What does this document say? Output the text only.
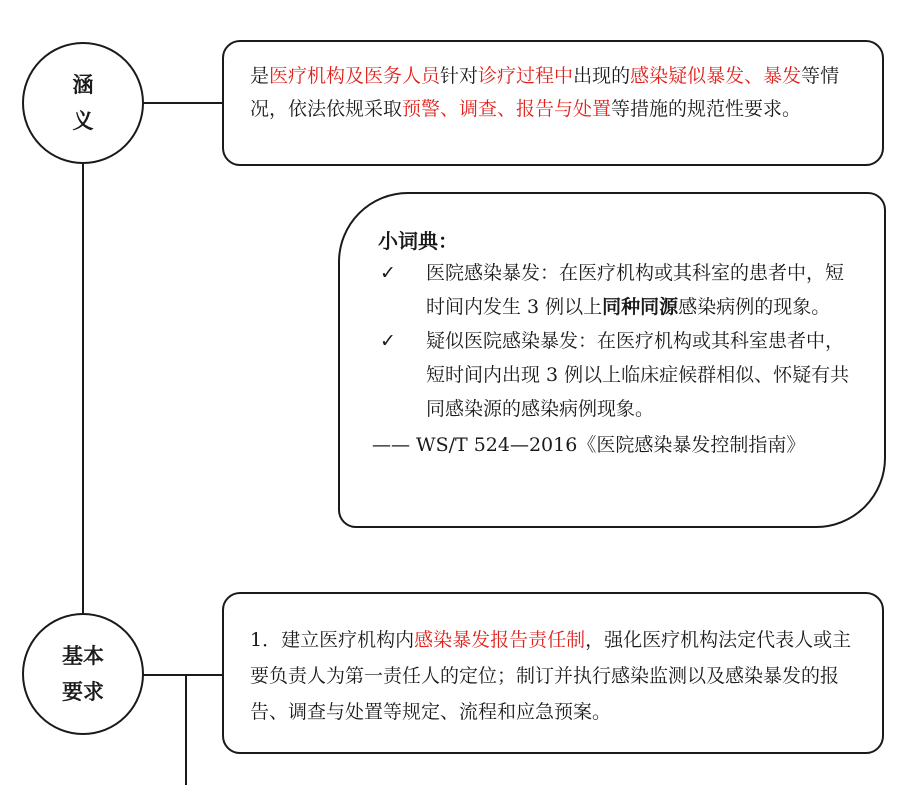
涵
义
是医疗机构及医务人员针对诊疗过程中出现的感染疑似暴发、暴发等情况，依法依规采取预警、调查、报告与处置等措施的规范性要求。
小词典：
✓ 医院感染暴发：在医疗机构或其科室的患者中，短时间内发生 3 例以上同种同源感染病例的现象。
✓ 疑似医院感染暴发：在医疗机构或其科室患者中，短时间内出现 3 例以上临床症候群相似、怀疑有共同感染源的感染病例现象。
—— WS/T 524—2016《医院感染暴发控制指南》
基本
要求
1．建立医疗机构内感染暴发报告责任制，强化医疗机构法定代表人或主要负责人为第一责任人的定位；制订并执行感染监测以及感染暴发的报告、调查与处置等规定、流程和应急预案。
